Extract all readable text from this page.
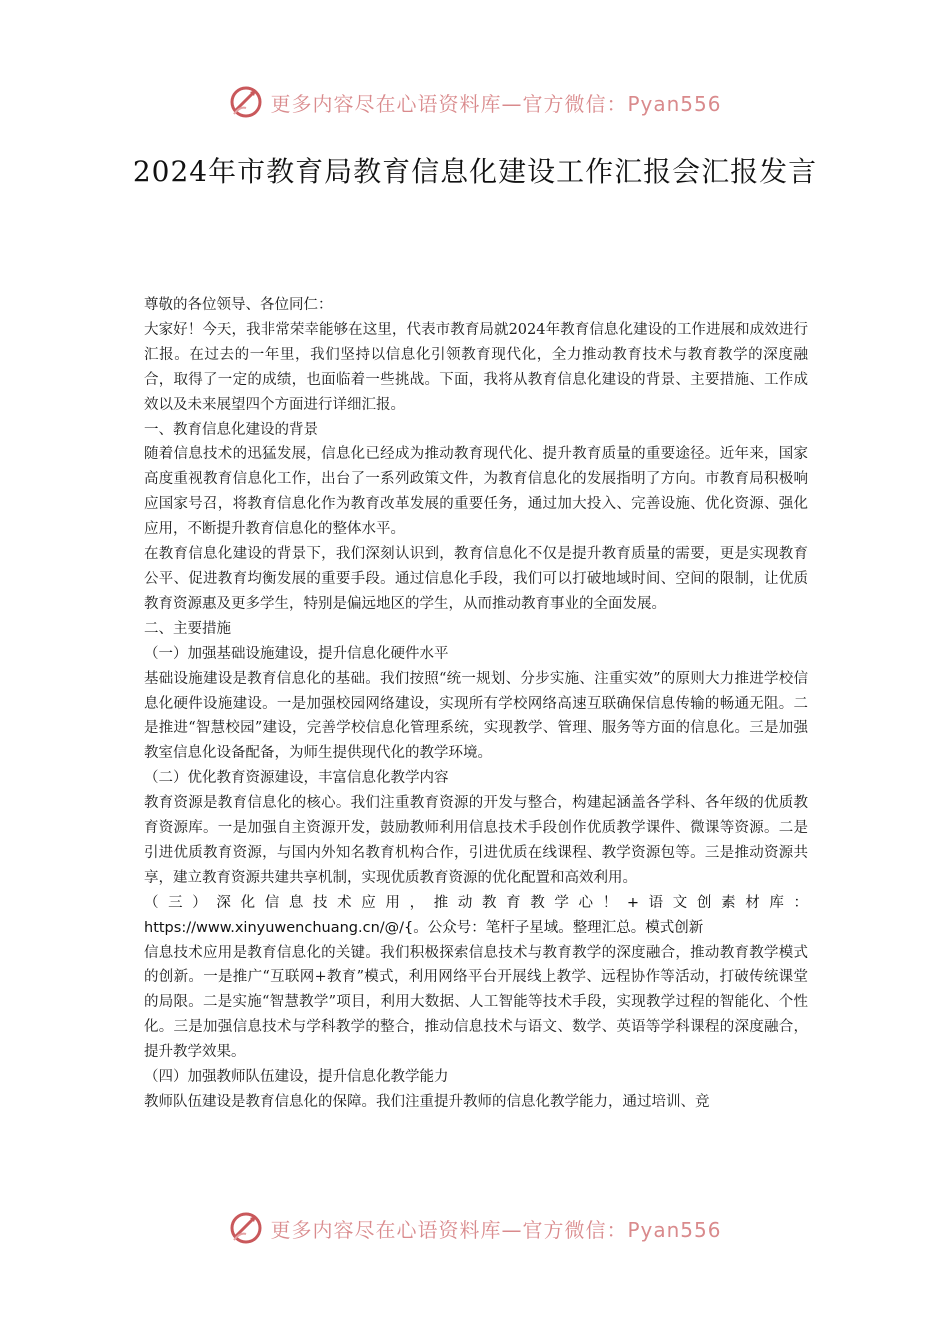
更多内容尽在心语资料库—官方微信：Pyan556
2024年市教育局教育信息化建设工作汇报会汇报发言

尊敬的各位领导、各位同仁：

大家好！今天，我非常荣幸能够在这里，代表市教育局就2024年教育信息化建设的工作进展和成效进行汇报。在过去的一年里，我们坚持以信息化引领教育现代化，全力推动教育技术与教育教学的深度融合，取得了一定的成绩，也面临着一些挑战。下面，我将从教育信息化建设的背景、主要措施、工作成效以及未来展望四个方面进行详细汇报。

一、教育信息化建设的背景

随着信息技术的迅猛发展，信息化已经成为推动教育现代化、提升教育质量的重要途径。近年来，国家高度重视教育信息化工作，出台了一系列政策文件，为教育信息化的发展指明了方向。市教育局积极响应国家号召，将教育信息化作为教育改革发展的重要任务，通过加大投入、完善设施、优化资源、强化应用，不断提升教育信息化的整体水平。

在教育信息化建设的背景下，我们深刻认识到，教育信息化不仅是提升教育质量的需要，更是实现教育公平、促进教育均衡发展的重要手段。通过信息化手段，我们可以打破地域时间、空间的限制，让优质教育资源惠及更多学生，特别是偏远地区的学生，从而推动教育事业的全面发展。

二、主要措施

（一）加强基础设施建设，提升信息化硬件水平

基础设施建设是教育信息化的基础。我们按照“统一规划、分步实施、注重实效”的原则大力推进学校信息化硬件设施建设。一是加强校园网络建设，实现所有学校网络高速互联确保信息传输的畅通无阻。二是推进“智慧校园”建设，完善学校信息化管理系统，实现教学、管理、服务等方面的信息化。三是加强教室信息化设备配备，为师生提供现代化的教学环境。

（二）优化教育资源建设，丰富信息化教学内容

教育资源是教育信息化的核心。我们注重教育资源的开发与整合，构建起涵盖各学科、各年级的优质教育资源库。一是加强自主资源开发，鼓励教师利用信息技术手段创作优质教学课件、微课等资源。二是引进优质教育资源，与国内外知名教育机构合作，引进优质在线课程、教学资源包等。三是推动资源共享，建立教育资源共建共享机制，实现优质教育资源的优化配置和高效利用。

（三）深化信息技术应用，推动教育教学心！+语文创素材库：https://www.xinyuwenchuang.cn/@/{。公众号：笔杆子星域。整理汇总。模式创新

信息技术应用是教育信息化的关键。我们积极探索信息技术与教育教学的深度融合，推动教育教学模式的创新。一是推广“互联网+教育”模式，利用网络平台开展线上教学、远程协作等活动，打破传统课堂的局限。二是实施“智慧教学”项目，利用大数据、人工智能等技术手段，实现教学过程的智能化、个性化。三是加强信息技术与学科教学的整合，推动信息技术与语文、数学、英语等学科课程的深度融合，提升教学效果。

（四）加强教师队伍建设，提升信息化教学能力

教师队伍建设是教育信息化的保障。我们注重提升教师的信息化教学能力，通过培训、竞

更多内容尽在心语资料库—官方微信：Pyan556
